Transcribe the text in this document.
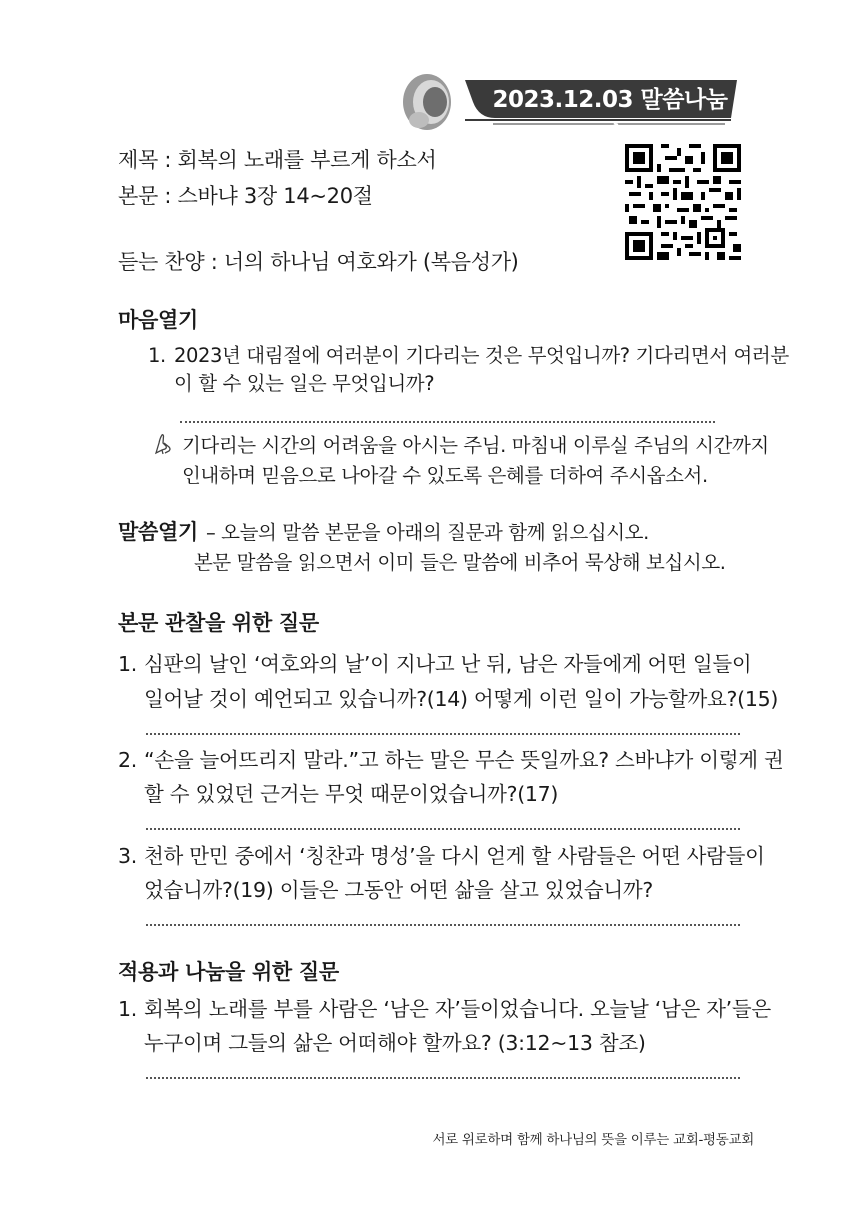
2023.12.03 말씀나눔지
제목 : 회복의 노래를 부르게 하소서
본문 : 스바냐 3장 14~20절
듣는 찬양 : 너의 하나님 여호와가 (복음성가)
마음열기
1. 2023년 대림절에 여러분이 기다리는 것은 무엇입니까? 기다리면서 여러분
이 할 수 있는 일은 무엇입니까?
기다리는 시간의 어려움을 아시는 주님. 마침내 이루실 주님의 시간까지
인내하며 믿음으로 나아갈 수 있도록 은혜를 더하여 주시옵소서.
말씀열기 – 오늘의 말씀 본문을 아래의 질문과 함께 읽으십시오.
본문 말씀을 읽으면서 이미 들은 말씀에 비추어 묵상해 보십시오.
본문 관찰을 위한 질문
1. 심판의 날인 ‘여호와의 날’이 지나고 난 뒤, 남은 자들에게 어떤 일들이
일어날 것이 예언되고 있습니까?(14) 어떻게 이런 일이 가능할까요?(15)
2. “손을 늘어뜨리지 말라.”고 하는 말은 무슨 뜻일까요? 스바냐가 이렇게 권
할 수 있었던 근거는 무엇 때문이었습니까?(17)
3. 천하 만민 중에서 ‘칭찬과 명성’을 다시 얻게 할 사람들은 어떤 사람들이
었습니까?(19) 이들은 그동안 어떤 삶을 살고 있었습니까?
적용과 나눔을 위한 질문
1. 회복의 노래를 부를 사람은 ‘남은 자’들이었습니다. 오늘날 ‘남은 자’들은
누구이며 그들의 삶은 어떠해야 할까요? (3:12~13 참조)
서로 위로하며 함께 하나님의 뜻을 이루는 교회-평동교회
